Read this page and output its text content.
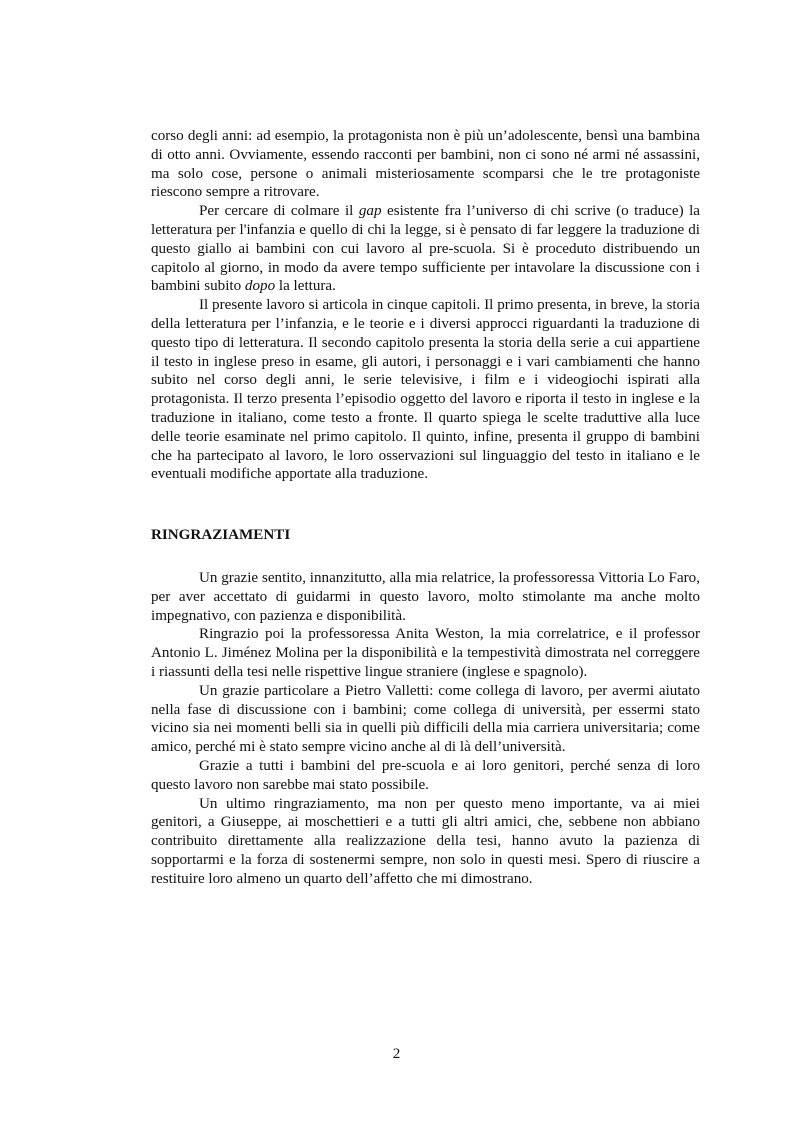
corso degli anni: ad esempio, la protagonista non è più un’adolescente, bensì una bambina di otto anni. Ovviamente, essendo racconti per bambini, non ci sono né armi né assassini, ma solo cose, persone o animali misteriosamente scomparsi che le tre protagoniste riescono sempre a ritrovare.

Per cercare di colmare il gap esistente fra l’universo di chi scrive (o traduce) la letteratura per l'infanzia e quello di chi la legge, si è pensato di far leggere la traduzione di questo giallo ai bambini con cui lavoro al pre-scuola. Si è proceduto distribuendo un capitolo al giorno, in modo da avere tempo sufficiente per intavolare la discussione con i bambini subito dopo la lettura.

Il presente lavoro si articola in cinque capitoli. Il primo presenta, in breve, la storia della letteratura per l’infanzia, e le teorie e i diversi approcci riguardanti la traduzione di questo tipo di letteratura. Il secondo capitolo presenta la storia della serie a cui appartiene il testo in inglese preso in esame, gli autori, i personaggi e i vari cambiamenti che hanno subito nel corso degli anni, le serie televisive, i film e i videogiochi ispirati alla protagonista. Il terzo presenta l’episodio oggetto del lavoro e riporta il testo in inglese e la traduzione in italiano, come testo a fronte. Il quarto spiega le scelte traduttive alla luce delle teorie esaminate nel primo capitolo. Il quinto, infine, presenta il gruppo di bambini che ha partecipato al lavoro, le loro osservazioni sul linguaggio del testo in italiano e le eventuali modifiche apportate alla traduzione.

RINGRAZIAMENTI

Un grazie sentito, innanzitutto, alla mia relatrice, la professoressa Vittoria Lo Faro, per aver accettato di guidarmi in questo lavoro, molto stimolante ma anche molto impegnativo, con pazienza e disponibilità.

Ringrazio poi la professoressa Anita Weston, la mia correlatrice, e il professor Antonio L. Jiménez Molina per la disponibilità e la tempestività dimostrata nel correggere i riassunti della tesi nelle rispettive lingue straniere (inglese e spagnolo).

Un grazie particolare a Pietro Valletti: come collega di lavoro, per avermi aiutato nella fase di discussione con i bambini; come collega di università, per essermi stato vicino sia nei momenti belli sia in quelli più difficili della mia carriera universitaria; come amico, perché mi è stato sempre vicino anche al di là dell’università.

Grazie a tutti i bambini del pre-scuola e ai loro genitori, perché senza di loro questo lavoro non sarebbe mai stato possibile.

Un ultimo ringraziamento, ma non per questo meno importante, va ai miei genitori, a Giuseppe, ai moschettieri e a tutti gli altri amici, che, sebbene non abbiano contribuito direttamente alla realizzazione della tesi, hanno avuto la pazienza di sopportarmi e la forza di sostenermi sempre, non solo in questi mesi. Spero di riuscire a restituire loro almeno un quarto dell’affetto che mi dimostrano.

2
